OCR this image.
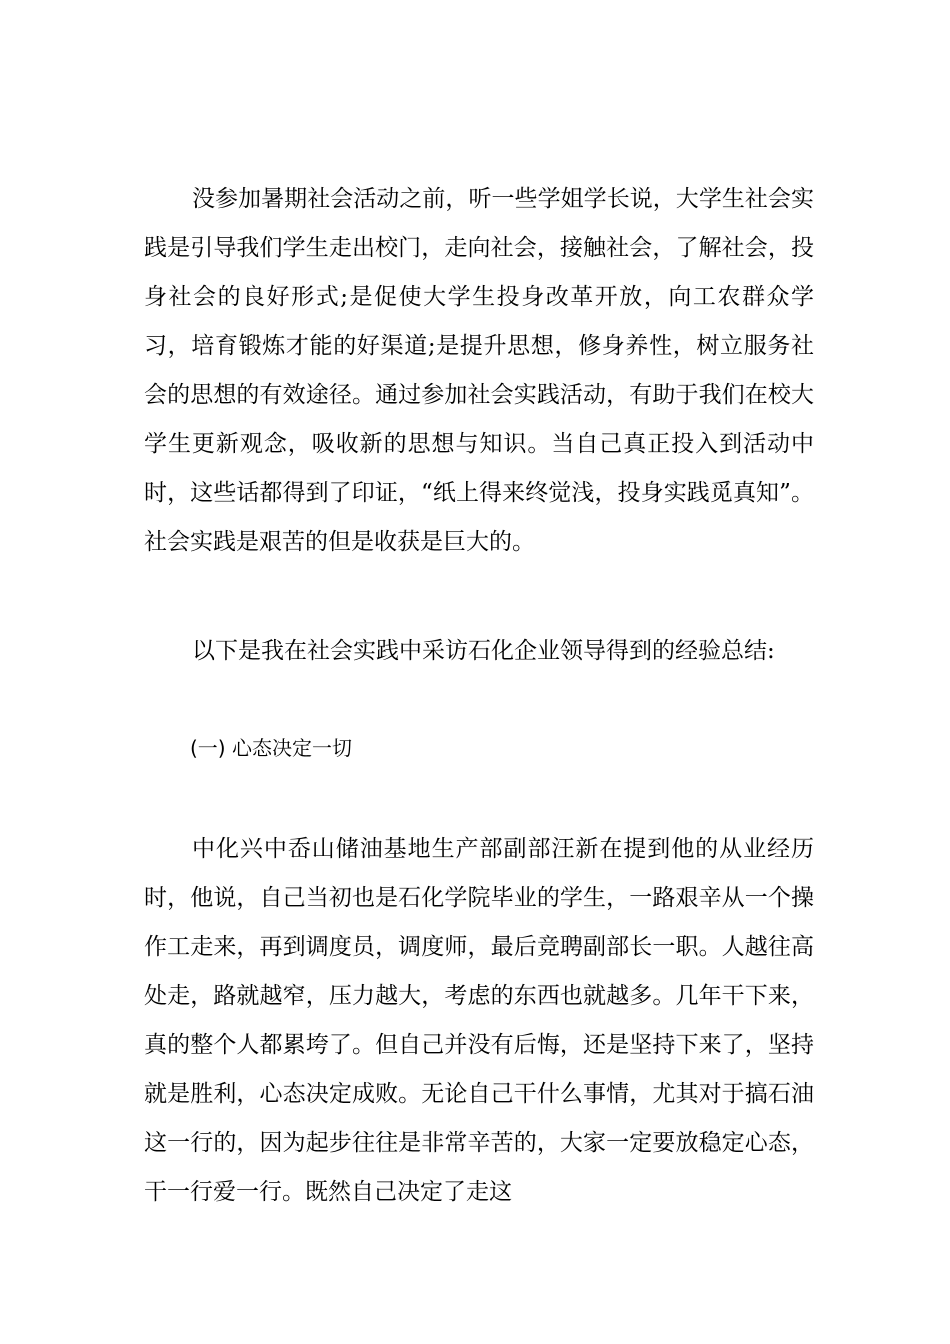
没参加暑期社会活动之前，听一些学姐学长说，大学生社会实践是引导我们学生走出校门，走向社会，接触社会，了解社会，投身社会的良好形式;是促使大学生投身改革开放，向工农群众学习，培育锻炼才能的好渠道;是提升思想，修身养性，树立服务社会的思想的有效途径。通过参加社会实践活动，有助于我们在校大学生更新观念，吸收新的思想与知识。当自己真正投入到活动中时，这些话都得到了印证，“纸上得来终觉浅，投身实践觅真知”。社会实践是艰苦的但是收获是巨大的。

以下是我在社会实践中采访石化企业领导得到的经验总结:

(一) 心态决定一切

中化兴中岙山储油基地生产部副部汪新在提到他的从业经历时，他说，自己当初也是石化学院毕业的学生，一路艰辛从一个操作工走来，再到调度员，调度师，最后竞聘副部长一职。人越往高处走，路就越窄，压力越大，考虑的东西也就越多。几年干下来，真的整个人都累垮了。但自己并没有后悔，还是坚持下来了，坚持就是胜利，心态决定成败。无论自己干什么事情，尤其对于搞石油这一行的，因为起步往往是非常辛苦的，大家一定要放稳定心态，干一行爱一行。既然自己决定了走这
